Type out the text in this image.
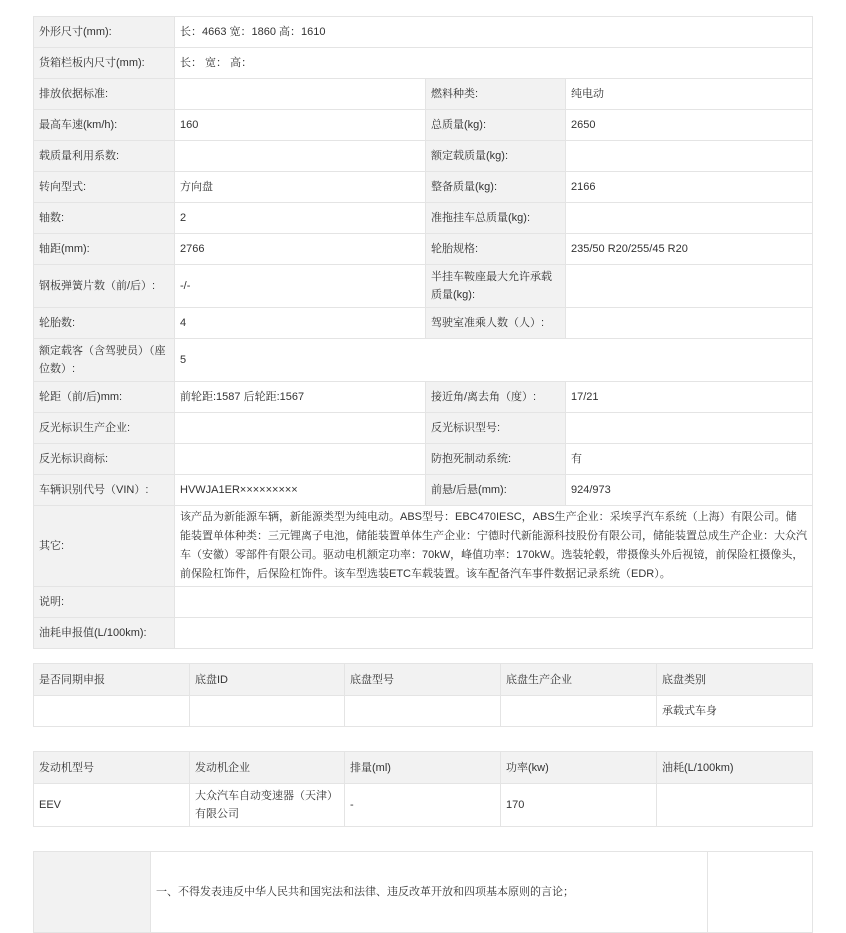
外形尺寸(mm):	长：4663 宽：1860 高：1610		
货箱栏板内尺寸(mm):	长： 宽： 高：		
排放依据标准:		燃料种类:	纯电动
最高车速(km/h):	160	总质量(kg):	2650
载质量利用系数:		额定载质量(kg):	
转向型式:	方向盘	整备质量(kg):	2166
轴数:	2	准拖挂车总质量(kg):	
轴距(mm):	2766	轮胎规格:	235/50 R20/255/45 R20
钢板弹簧片数（前/后）:	-/-	半挂车鞍座最大允许承载质量(kg):	
轮胎数:	4	驾驶室准乘人数（人）:	
额定载客（含驾驶员）（座位数）:	5		
轮距（前/后)mm:	前轮距:1587 后轮距:1567	接近角/离去角（度）:	17/21
反光标识生产企业:		反光标识型号:	
反光标识商标:		防抱死制动系统:	有
车辆识别代号（VIN）:	HVWJA1ER×××××××××	前悬/后悬(mm):	924/973
其它:	该产品为新能源车辆，新能源类型为纯电动。ABS型号：EBC470IESC，ABS生产企业：采埃孚汽车系统（上海）有限公司。储能装置单体种类：三元锂离子电池，储能装置单体生产企业：宁德时代新能源科技股份有限公司，储能装置总成生产企业：大众汽车（安徽）零部件有限公司。驱动电机额定功率：70kW，峰值功率：170kW。选装轮毂，带摄像头外后视镜，前保险杠摄像头，前保险杠饰件，后保险杠饰件。该车型选装ETC车载装置。该车配备汽车事件数据记录系统（EDR）。		
说明:			
油耗申报值(L/100km):			
是否同期申报	底盘ID	底盘型号	底盘生产企业	底盘类别
				承载式车身
发动机型号	发动机企业	排量(ml)	功率(kw)	油耗(L/100km)
EEV	大众汽车自动变速器（天津）有限公司	-	170	
	一、不得发表违反中华人民共和国宪法和法律、违反改革开放和四项基本原则的言论；	
